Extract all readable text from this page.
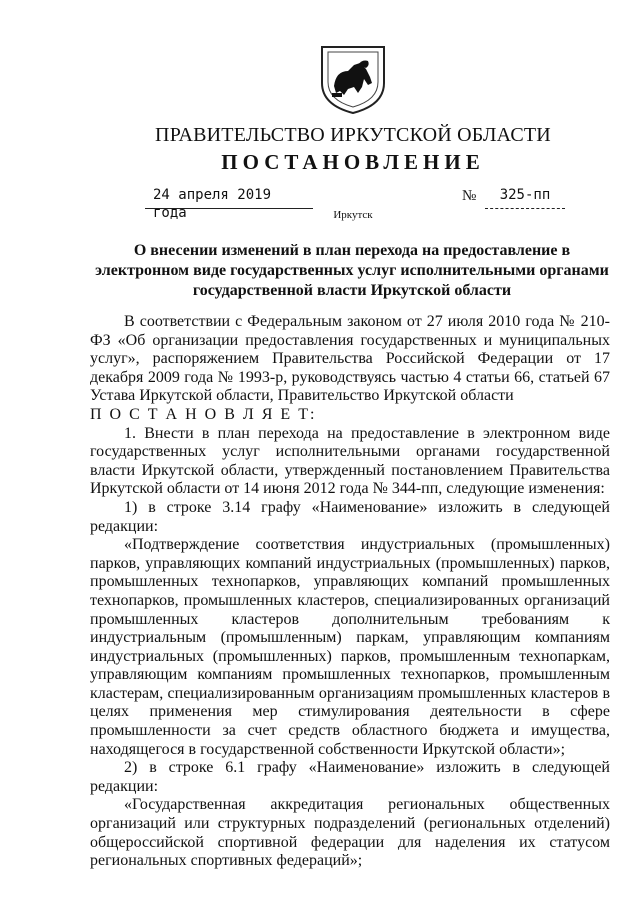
ПРАВИТЕЛЬСТВО ИРКУТСКОЙ ОБЛАСТИ
ПОСТАНОВЛЕНИЕ
24 апреля 2019 года
№	325-пп
Иркутск
О внесении изменений в план перехода на предоставление в электронном виде государственных услуг исполнительными органами государственной власти Иркутской области

В соответствии с Федеральным законом от 27 июля 2010 года № 210-ФЗ «Об организации предоставления государственных и муниципальных услуг», распоряжением Правительства Российской Федерации от 17 декабря 2009 года № 1993-р, руководствуясь частью 4 статьи 66, статьей 67 Устава Иркутской области, Правительство Иркутской области

П О С Т А Н О В Л Я Е Т:

1. Внести в план перехода на предоставление в электронном виде государственных услуг исполнительными органами государственной власти Иркутской области, утвержденный постановлением Правительства Иркутской области от 14 июня 2012 года № 344-пп, следующие изменения:

1) в строке 3.14 графу «Наименование» изложить в следующей редакции:

«Подтверждение соответствия индустриальных (промышленных) парков, управляющих компаний индустриальных (промышленных) парков, промышленных технопарков, управляющих компаний промышленных технопарков, промышленных кластеров, специализированных организаций промышленных кластеров дополнительным требованиям к индустриальным (промышленным) паркам, управляющим компаниям индустриальных (промышленных) парков, промышленным технопаркам, управляющим компаниям промышленных технопарков, промышленным кластерам, специализированным организациям промышленных кластеров в целях применения мер стимулирования деятельности в сфере промышленности за счет средств областного бюджета и имущества, находящегося в государственной собственности Иркутской области»;

2) в строке 6.1 графу «Наименование» изложить в следующей редакции:

«Государственная аккредитация региональных общественных организаций или структурных подразделений (региональных отделений) общероссийской спортивной федерации для наделения их статусом региональных спортивных федераций»;
